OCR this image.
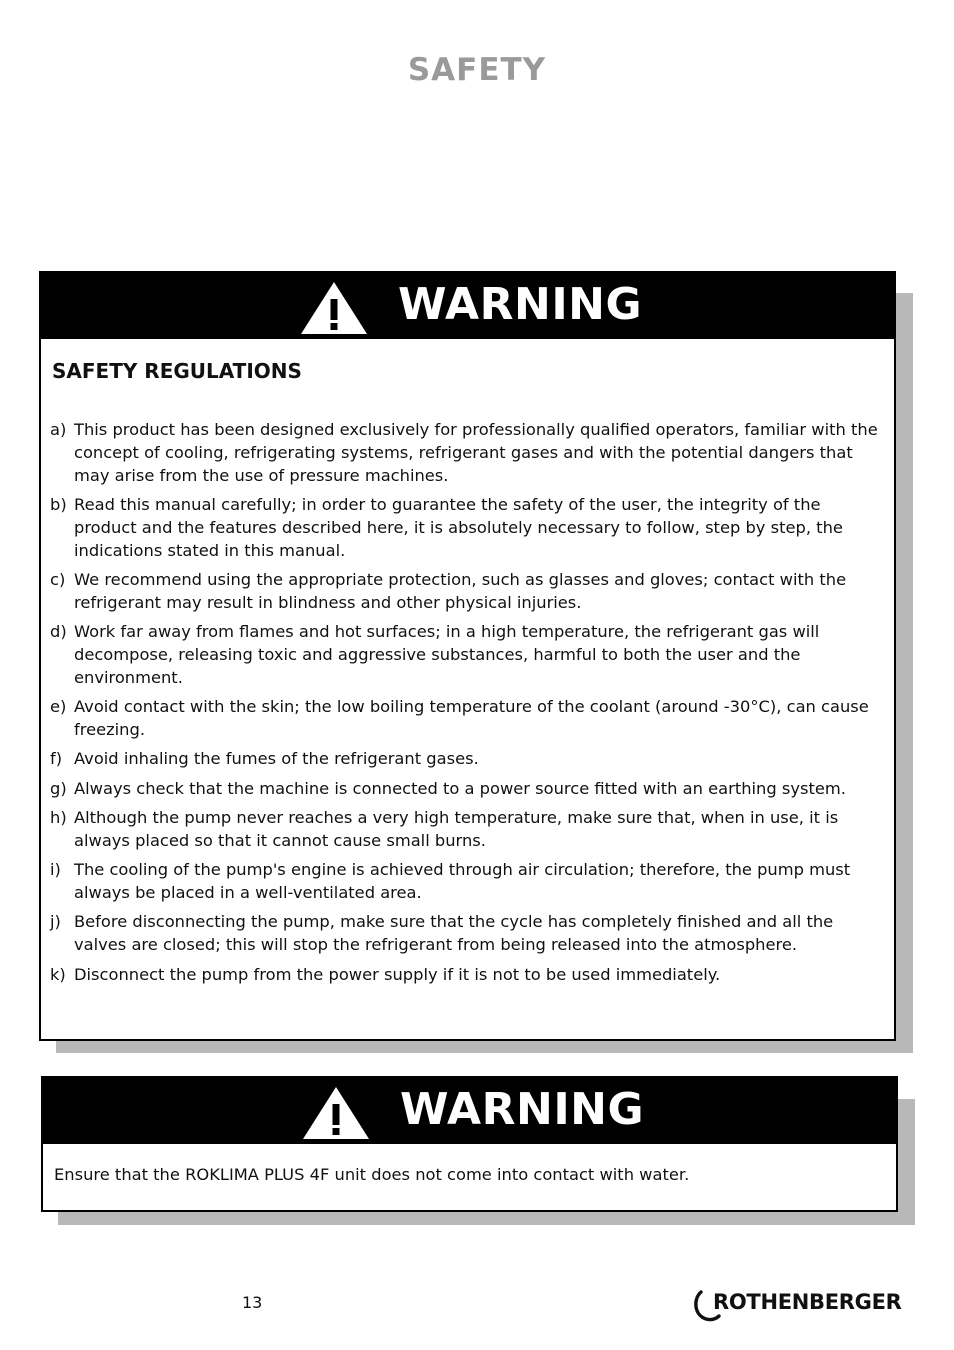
SAFETY
WARNING
SAFETY REGULATIONS
a) This product has been designed exclusively for professionally qualified operators, familiar with the concept of cooling, refrigerating systems, refrigerant gases and with the potential dangers that may arise from the use of pressure machines.
b) Read this manual carefully; in order to guarantee the safety of the user, the integrity of the product and the features described here, it is absolutely necessary to follow, step by step, the indications stated in this manual.
c) We recommend using the appropriate protection, such as glasses and gloves; contact with the refrigerant may result in blindness and other physical injuries.
d) Work far away from flames and hot surfaces; in a high temperature, the refrigerant gas will decompose, releasing toxic and aggressive substances, harmful to both the user and the environment.
e) Avoid contact with the skin; the low boiling temperature of the coolant (around -30°C), can cause freezing.
f) Avoid inhaling the fumes of the refrigerant gases.
g) Always check that the machine is connected to a power source fitted with an earthing system.
h) Although the pump never reaches a very high temperature, make sure that, when in use, it is always placed so that it cannot cause small burns.
i) The cooling of the pump's engine is achieved through air circulation; therefore, the pump must always be placed in a well-ventilated area.
j) Before disconnecting the pump, make sure that the cycle has completely finished and all the valves are closed; this will stop the refrigerant from being released into the atmosphere.
k) Disconnect the pump from the power supply if it is not to be used immediately.
WARNING
Ensure that the ROKLIMA PLUS 4F unit does not come into contact with water.
13	ROTHENBERGER
